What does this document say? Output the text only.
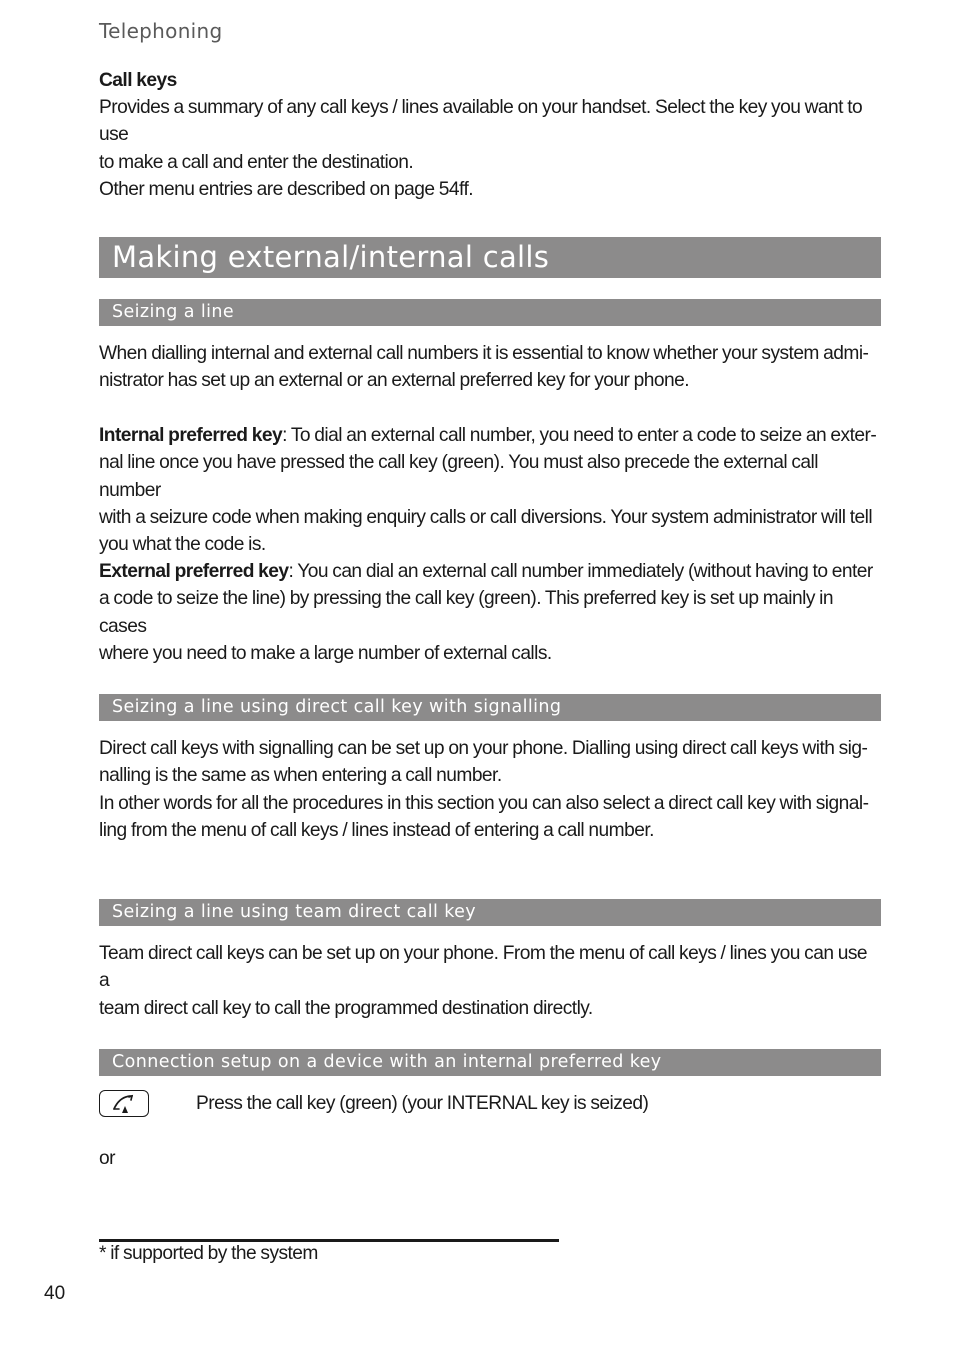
Telephoning
Call keys
Provides a summary of any call keys / lines available on your handset. Select the key you want to use
to make a call and enter the destination.
Other menu entries are described on page 54ff.
Making external/internal calls
Seizing a line
When dialling internal and external call numbers it is essential to know whether your system admi-
nistrator has set up an external or an external preferred key for your phone.
Internal preferred key: To dial an external call number, you need to enter a code to seize an exter-
nal line once you have pressed the call key (green). You must also precede the external call number
with a seizure code when making enquiry calls or call diversions. Your system administrator will tell
you what the code is.
External preferred key: You can dial an external call number immediately (without having to enter
a code to seize the line) by pressing the call key (green). This preferred key is set up mainly in cases
where you need to make a large number of external calls.
Seizing a line using direct call key with signalling
Direct call keys with signalling can be set up on your phone. Dialling using direct call keys with sig-
nalling is the same as when entering a call number.
In other words for all the procedures in this section you can also select a direct call key with signal-
ling from the menu of call keys / lines instead of entering a call number.
Seizing a line using team direct call key
Team direct call keys can be set up on your phone. From the menu of call keys / lines you can use a
team direct call key to call the programmed destination directly.
Connection setup on a device with an internal preferred key
Press the call key (green) (your INTERNAL key is seized)
or
* if supported by the system
40
